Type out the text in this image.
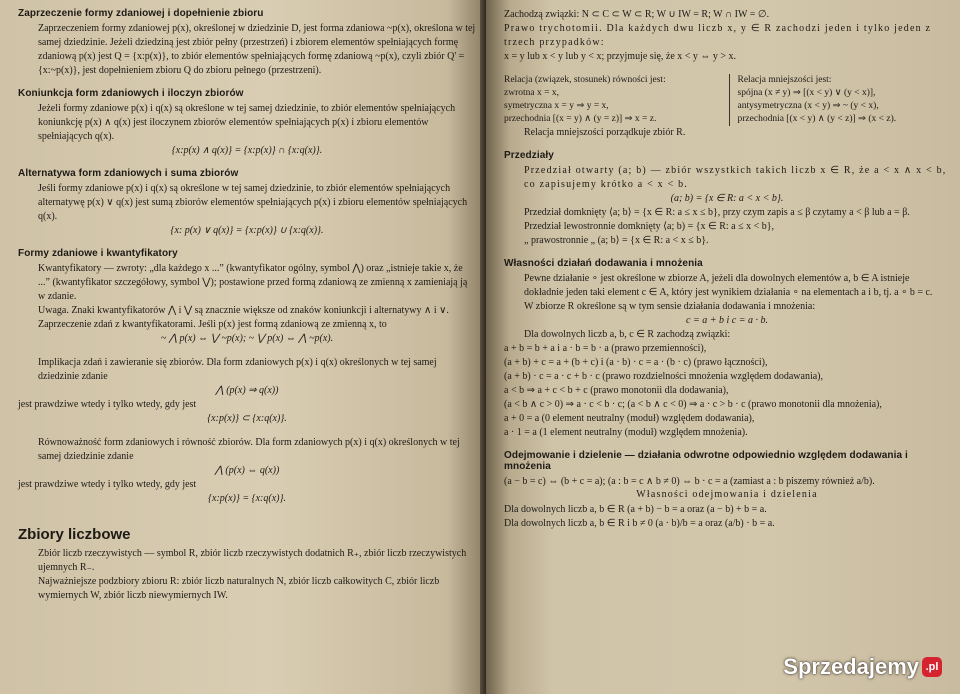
Zaprzeczenie formy zdaniowej i dopełnienie zbioru

Zaprzeczeniem formy zdaniowej p(x), określonej w dziedzinie D, jest forma zdaniowa ~p(x), określona w tej samej dziedzinie. Jeżeli dziedziną jest zbiór pełny (przestrzeń) i zbiorem elementów spełniających formę zdaniową p(x) jest Q = {x:p(x)}, to zbiór elementów spełniających formę zdaniową ~p(x), czyli zbiór Q' = {x:~p(x)}, jest dopełnieniem zbioru Q do zbioru pełnego (przestrzeni).

Koniunkcja form zdaniowych i iloczyn zbiorów

Jeżeli formy zdaniowe p(x) i q(x) są określone w tej samej dziedzinie, to zbiór elementów spełniających koniunkcję p(x) ∧ q(x) jest iloczynem zbiorów elementów spełniających p(x) i zbioru elementów spełniających q(x).

{x:p(x) ∧ q(x)} = {x:p(x)} ∩ {x:q(x)}.
Alternatywa form zdaniowych i suma zbiorów

Jeśli formy zdaniowe p(x) i q(x) są określone w tej samej dziedzinie, to zbiór elementów spełniających alternatywę p(x) ∨ q(x) jest sumą zbiorów elementów spełniających p(x) i zbioru elementów spełniających q(x).

{x: p(x) ∨ q(x)} = {x:p(x)} ∪ {x:q(x)}.
Formy zdaniowe i kwantyfikatory

Kwantyfikatory — zwroty: „dla każdego x ...” (kwantyfikator ogólny, symbol ⋀) oraz „istnieje takie x, że ...” (kwantyfikator szczegółowy, symbol ⋁); postawione przed formą zdaniową ze zmienną x zamieniają ją w zdanie.

Uwaga. Znaki kwantyfikatorów ⋀ i ⋁ są znacznie większe od znaków koniunkcji i alternatywy ∧ i ∨.

Zaprzeczenie zdań z kwantyfikatorami. Jeśli p(x) jest formą zdaniową ze zmienną x, to

~ ⋀ p(x) ⇔ ⋁ ~p(x); ~ ⋁ p(x) ⇔ ⋀ ~p(x).

Implikacja zdań i zawieranie się zbiorów. Dla form zdaniowych p(x) i q(x) określonych w tej samej dziedzinie zdanie

⋀ (p(x) ⇒ q(x))

jest prawdziwe wtedy i tylko wtedy, gdy jest

{x:p(x)} ⊂ {x:q(x)}.

Równoważność form zdaniowych i równość zbiorów. Dla form zdaniowych p(x) i q(x) określonych w tej samej dziedzinie zdanie

⋀ (p(x) ⇔ q(x))

jest prawdziwe wtedy i tylko wtedy, gdy jest

{x:p(x)} = {x:q(x)}.
Zbiory liczbowe

Zbiór liczb rzeczywistych — symbol R, zbiór liczb rzeczywistych dodatnich R₊, zbiór liczb rzeczywistych ujemnych R₋.

Najważniejsze podzbiory zbioru R: zbiór liczb naturalnych N, zbiór liczb całkowitych C, zbiór liczb wymiernych W, zbiór liczb niewymiernych IW.

Zachodzą związki: N ⊂ C ⊂ W ⊂ R; W ∪ IW = R; W ∩ IW = ∅.

Prawo trychotomii. Dla każdych dwu liczb x, y ∈ R zachodzi jeden i tylko jeden z trzech przypadków:

x = y lub x < y lub y < x; przyjmuje się, że x < y ⇔ y > x.

Relacja (związek, stosunek) równości jest:
zwrotna x = x,
symetryczna x = y ⇒ y = x,
przechodnia [(x = y) ∧ (y = z)] ⇒ x = z.
Relacja mniejszości jest:
spójna (x ≠ y) ⇒ [(x < y) ∨ (y < x)],
antysymetryczna (x < y) ⇒ ~ (y < x),
przechodnia [(x < y) ∧ (y < z)] ⇒ (x < z).

Relacja mniejszości porządkuje zbiór R.

Przedziały

Przedział otwarty (a; b) — zbiór wszystkich takich liczb x ∈ R, że a < x ∧ x < b, co zapisujemy krótko a < x < b.

(a; b) = {x ∈ R: a < x < b}.

Przedział domknięty ⟨a; b⟩ = {x ∈ R: a ≤ x ≤ b}, przy czym zapis a ≤ β czytamy a < β lub a = β.

Przedział lewostronnie domknięty ⟨a; b) = {x ∈ R: a ≤ x < b},

„ prawostronnie „ (a; b⟩ = {x ∈ R: a < x ≤ b}.

Własności działań dodawania i mnożenia

Pewne działanie ∘ jest określone w zbiorze A, jeżeli dla dowolnych elementów a, b ∈ A istnieje dokładnie jeden taki element c ∈ A, który jest wynikiem działania ∘ na elementach a i b, tj. a ∘ b = c.

W zbiorze R określone są w tym sensie działania dodawania i mnożenia:

c = a + b i c = a · b.

Dla dowolnych liczb a, b, c ∈ R zachodzą związki:

a + b = b + a i a · b = b · a (prawo przemienności),

(a + b) + c = a + (b + c) i (a · b) · c = a · (b · c) (prawo łączności),

(a + b) · c = a · c + b · c (prawo rozdzielności mnożenia względem dodawania),

a < b ⇒ a + c < b + c (prawo monotonii dla dodawania),

(a < b ∧ c > 0) ⇒ a · c < b · c; (a < b ∧ c < 0) ⇒ a · c > b · c (prawo monotonii dla mnożenia),

a + 0 = a (0 element neutralny (moduł) względem dodawania),

a · 1 = a (1 element neutralny (moduł) względem mnożenia).

Odejmowanie i dzielenie — działania odwrotne odpowiednio względem dodawania i mnożenia

(a − b = c) ⇔ (b + c = a); (a : b = c ∧ b ≠ 0) ⇔ b · c = a (zamiast a : b piszemy również a/b).

Własności odejmowania i dzielenia

Dla dowolnych liczb a, b ∈ R (a + b) − b = a oraz (a − b) + b = a.

Dla dowolnych liczb a, b ∈ R i b ≠ 0 (a · b)/b = a oraz (a/b) · b = a.

Sprzedajemy .pl
